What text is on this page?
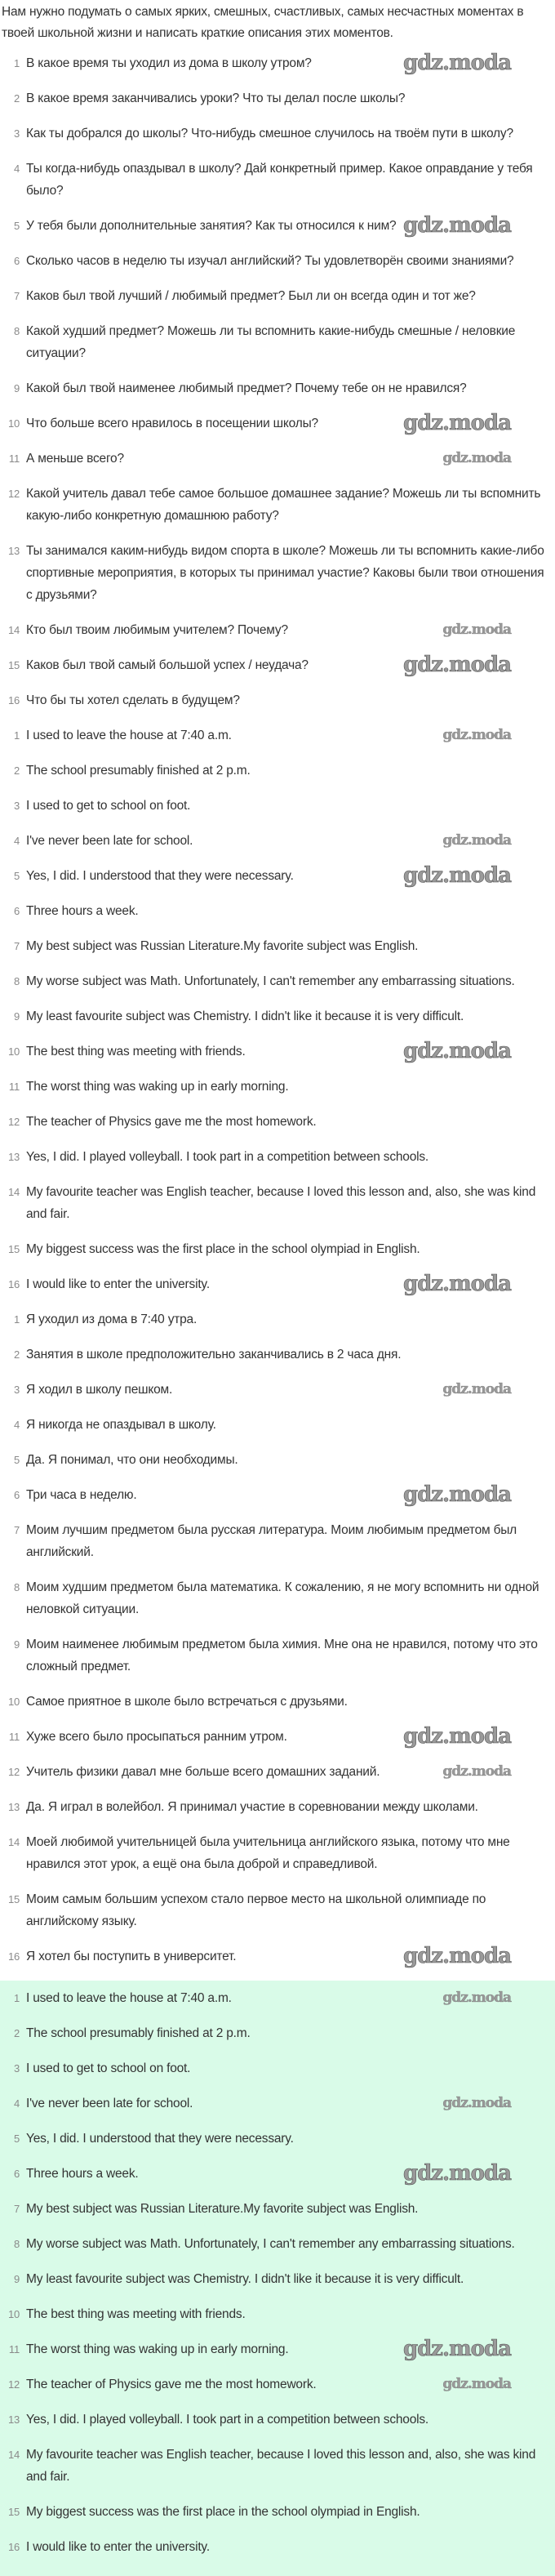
Нам нужно подумать о самых ярких, смешных, счастливых, самых несчастных моментах в твоей школьной жизни и написать краткие описания этих моментов.
1	gdz.moda
В какое время ты уходил из дома в школу утром?
2 В какое время заканчивались уроки? Что ты делал после школы?
3 Как ты добрался до школы? Что-нибудь смешное случилось на твоём пути в школу?
4 Ты когда-нибудь опаздывал в школу? Дай конкретный пример. Какое оправдание у тебя было?
5	gdz.moda
У тебя были дополнительные занятия? Как ты относился к ним?
6 Сколько часов в неделю ты изучал английский? Ты удовлетворён своими знаниями?
7 Каков был твой лучший / любимый предмет? Был ли он всегда один и тот же?
8 Какой худший предмет? Можешь ли ты вспомнить какие-нибудь смешные / неловкие ситуации?
9 Какой был твой наименее любимый предмет? Почему тебе он не нравился?
10	gdz.moda
Что больше всего нравилось в посещении школы?
11	gdz.moda
А меньше всего?
12 Какой учитель давал тебе самое большое домашнее задание? Можешь ли ты вспомнить какую-либо конкретную домашнюю работу?
13 Ты занимался каким-нибудь видом спорта в школе? Можешь ли ты вспомнить какие-либо спортивные мероприятия, в которых ты принимал участие? Каковы были твои отношения с друзьями?
14	gdz.moda
Кто был твоим любимым учителем? Почему?
15	gdz.moda
Каков был твой самый большой успех / неудача?
16 Что бы ты хотел сделать в будущем?
1	gdz.moda
I used to leave the house at 7:40 a.m.
2 The school presumably finished at 2 p.m.
3 I used to get to school on foot.
4	gdz.moda
I've never been late for school.
5	gdz.moda
Yes, I did. I understood that they were necessary.
6 Three hours a week.
7 My best subject was Russian Literature.My favorite subject was English.
8 My worse subject was Math. Unfortunately, I can't remember any embarrassing situations.
9 My least favourite subject was Chemistry. I didn't like it because it is very difficult.
10	gdz.moda
The best thing was meeting with friends.
11 The worst thing was waking up in early morning.
12 The teacher of Physics gave me the most homework.
13 Yes, I did. I played volleyball. I took part in a competition between schools.
14 My favourite teacher was English teacher, because I loved this lesson and, also, she was kind and fair.
15 My biggest success was the first place in the school olympiad in English.
16	gdz.moda
I would like to enter the university.
1 Я уходил из дома в 7:40 утра.
2 Занятия в школе предположительно заканчивались в 2 часа дня.
3	gdz.moda
Я ходил в школу пешком.
4 Я никогда не опаздывал в школу.
5 Да. Я понимал, что они необходимы.
6	gdz.moda
Три часа в неделю.
7 Моим лучшим предметом была русская литература. Моим любимым предметом был английский.
8 Моим худшим предметом была математика. К сожалению, я не могу вспомнить ни одной неловкой ситуации.
9 Моим наименее любимым предметом была химия. Мне она не нравился, потому что это сложный предмет.
10 Самое приятное в школе было встречаться с друзьями.
11	gdz.moda
Хуже всего было просыпаться ранним утром.
12	gdz.moda
Учитель физики давал мне больше всего домашних заданий.
13 Да. Я играл в волейбол. Я принимал участие в соревновании между школами.
14 Моей любимой учительницей была учительница английского языка, потому что мне нравился этот урок, а ещё она была доброй и справедливой.
15 Моим самым большим успехом стало первое место на школьной олимпиаде по английскому языку.
16	gdz.moda
Я хотел бы поступить в университет.
1	gdz.moda
I used to leave the house at 7:40 a.m.
2 The school presumably finished at 2 p.m.
3 I used to get to school on foot.
4	gdz.moda
I've never been late for school.
5 Yes, I did. I understood that they were necessary.
6	gdz.moda
Three hours a week.
7 My best subject was Russian Literature.My favorite subject was English.
8 My worse subject was Math. Unfortunately, I can't remember any embarrassing situations.
9 My least favourite subject was Chemistry. I didn't like it because it is very difficult.
10 The best thing was meeting with friends.
11	gdz.moda
The worst thing was waking up in early morning.
12	gdz.moda
The teacher of Physics gave me the most homework.
13 Yes, I did. I played volleyball. I took part in a competition between schools.
14 My favourite teacher was English teacher, because I loved this lesson and, also, she was kind and fair.
15 My biggest success was the first place in the school olympiad in English.
16 I would like to enter the university.
